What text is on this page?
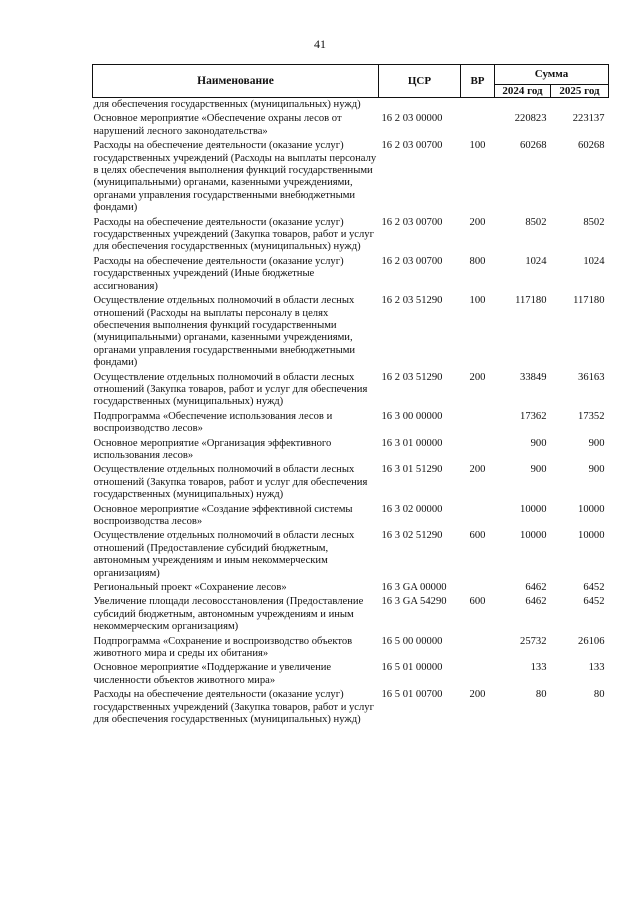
41
Наименование	ЦСР	ВР	Сумма	
			2024 год	2025 год
для обеспечения государственных (муниципальных) нужд)				
Основное мероприятие «Обеспечение охраны лесов от нарушений лесного законодательства»	16 2 03 00000		220823	223137
Расходы на обеспечение деятельности (оказание услуг) государственных учреждений (Расходы на выплаты персоналу в целях обеспечения выполнения функций государственными (муниципальными) органами, казенными учреждениями, органами управления государственными внебюджетными фондами)	16 2 03 00700	100	60268	60268
Расходы на обеспечение деятельности (оказание услуг) государственных учреждений (Закупка товаров, работ и услуг для обеспечения государственных (муниципальных) нужд)	16 2 03 00700	200	8502	8502
Расходы на обеспечение деятельности (оказание услуг) государственных учреждений (Иные бюджетные ассигнования)	16 2 03 00700	800	1024	1024
Осуществление отдельных полномочий в области лесных отношений (Расходы на выплаты персоналу в целях обеспечения выполнения функций государственными (муниципальными) органами, казенными учреждениями, органами управления государственными внебюджетными фондами)	16 2 03 51290	100	117180	117180
Осуществление отдельных полномочий в области лесных отношений (Закупка товаров, работ и услуг для обеспечения государственных (муниципальных) нужд)	16 2 03 51290	200	33849	36163
Подпрограмма «Обеспечение использования лесов и воспроизводство лесов»	16 3 00 00000		17362	17352
Основное мероприятие «Организация эффективного использования лесов»	16 3 01 00000		900	900
Осуществление отдельных полномочий в области лесных отношений (Закупка товаров, работ и услуг для обеспечения государственных (муниципальных) нужд)	16 3 01 51290	200	900	900
Основное мероприятие «Создание эффективной системы воспроизводства лесов»	16 3 02 00000		10000	10000
Осуществление отдельных полномочий в области лесных отношений (Предоставление субсидий бюджетным, автономным учреждениям и иным некоммерческим организациям)	16 3 02 51290	600	10000	10000
Региональный проект «Сохранение лесов»	16 3 GA 00000		6462	6452
Увеличение площади лесовосстановления (Предоставление субсидий бюджетным, автономным учреждениям и иным некоммерческим организациям)	16 3 GA 54290	600	6462	6452
Подпрограмма «Сохранение и воспроизводство объектов животного мира и среды их обитания»	16 5 00 00000		25732	26106
Основное мероприятие «Поддержание и увеличение численности объектов животного мира»	16 5 01 00000		133	133
Расходы на обеспечение деятельности (оказание услуг) государственных учреждений (Закупка товаров, работ и услуг для обеспечения государственных (муниципальных) нужд)	16 5 01 00700	200	80	80
